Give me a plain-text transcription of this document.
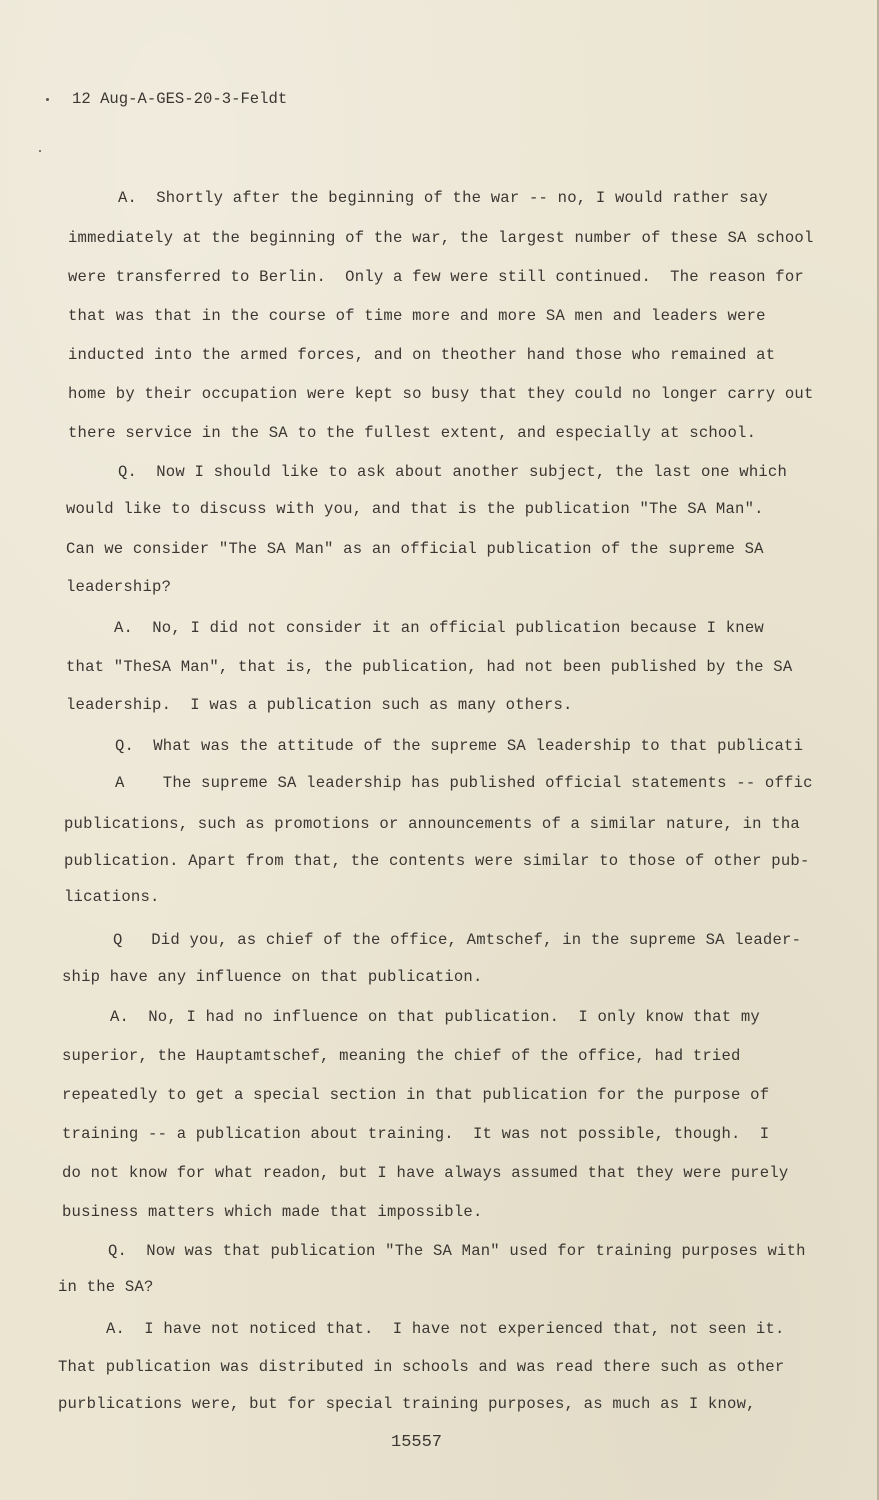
12 Aug-A-GES-20-3-Feldt
A.  Shortly after the beginning of the war -- no, I would rather say
immediately at the beginning of the war, the largest number of these SA school
were transferred to Berlin.  Only a few were still continued.  The reason for
that was that in the course of time more and more SA men and leaders were
inducted into the armed forces, and on theother hand those who remained at
home by their occupation were kept so busy that they could no longer carry out
there service in the SA to the fullest extent, and especially at school.
Q.  Now I should like to ask about another subject, the last one which
would like to discuss with you, and that is the publication "The SA Man".
Can we consider "The SA Man" as an official publication of the supreme SA
leadership?
A.  No, I did not consider it an official publication because I knew
that "TheSA Man", that is, the publication, had not been published by the SA
leadership.  I was a publication such as many others.
Q.  What was the attitude of the supreme SA leadership to that publicati
A    The supreme SA leadership has published official statements -- offic
publications, such as promotions or announcements of a similar nature, in tha
publication. Apart from that, the contents were similar to those of other pub-
lications.
Q   Did you, as chief of the office, Amtschef, in the supreme SA leader-
ship have any influence on that publication.
A.  No, I had no influence on that publication.  I only know that my
superior, the Hauptamtschef, meaning the chief of the office, had tried
repeatedly to get a special section in that publication for the purpose of
training -- a publication about training.  It was not possible, though.  I
do not know for what readon, but I have always assumed that they were purely
business matters which made that impossible.
Q.  Now was that publication "The SA Man" used for training purposes with
in the SA?
A.  I have not noticed that.  I have not experienced that, not seen it.
That publication was distributed in schools and was read there such as other
purblications were, but for special training purposes, as much as I know,
15557
